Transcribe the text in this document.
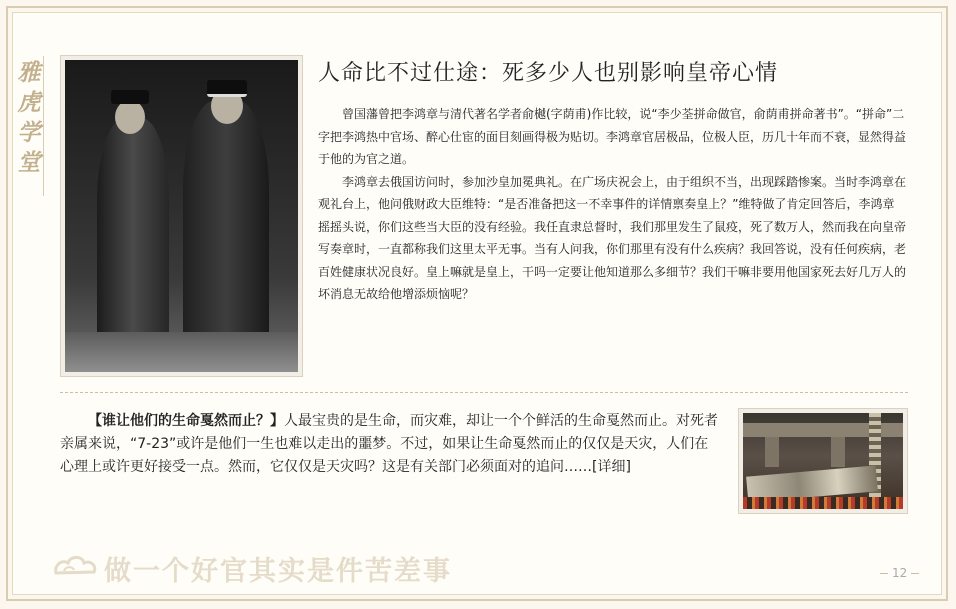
雅
虎
学
堂
人命比不过仕途：死多少人也别影响皇帝心情

曾国藩曾把李鸿章与清代著名学者俞樾(字荫甫)作比较，说“李少荃拼命做官，俞荫甫拼命著书”。“拼命”二字把李鸿热中官场、醉心仕宦的面目刻画得极为贴切。李鸿章官居极品，位极人臣，历几十年而不衰，显然得益于他的为官之道。

李鸿章去俄国访问时，参加沙皇加冕典礼。在广场庆祝会上，由于组织不当，出现踩踏惨案。当时李鸿章在观礼台上，他问俄财政大臣维特：“是否准备把这一不幸事件的详情禀奏皇上？”维特做了肯定回答后，李鸿章摇摇头说，你们这些当大臣的没有经验。我任直隶总督时，我们那里发生了鼠疫，死了数万人，然而我在向皇帝写奏章时，一直都称我们这里太平无事。当有人问我，你们那里有没有什么疾病？我回答说，没有任何疾病，老百姓健康状况良好。皇上嘛就是皇上，干吗一定要让他知道那么多细节？我们干嘛非要用他国家死去好几万人的坏消息无故给他增添烦恼呢？

【谁让他们的生命戛然而止？】人最宝贵的是生命，而灾难，却让一个个鲜活的生命戛然而止。对死者亲属来说，“7-23”或许是他们一生也难以走出的噩梦。不过，如果让生命戛然而止的仅仅是天灾，人们在心理上或许更好接受一点。然而，它仅仅是天灾吗？这是有关部门必须面对的追问……[详细]
做一个好官其实是件苦差事	12
